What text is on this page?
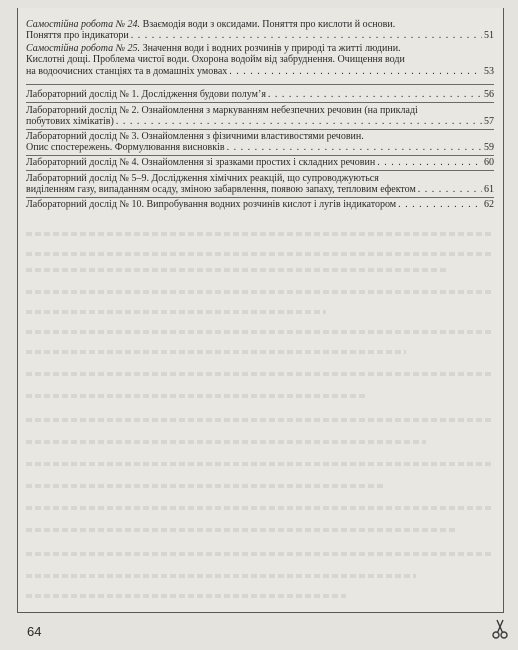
Самостійна робота № 24. Взаємодія води з оксидами. Поняття про кислоти й основи.
Поняття про індикатори . . .	51
Самостійна робота № 25. Значення води і водних розчинів у природі та житті людини.
Кислотні дощі. Проблема чистої води. Охорона водойм від забруднення. Очищення води
на водоочисних станціях та в домашніх умовах . . .	53
Лабораторний дослід № 1. Дослідження будови полум’я . . .	56
Лабораторний дослід № 2. Ознайомлення з маркуванням небезпечних речовин (на прикладі
побутових хімікатів) . . .	57
Лабораторний дослід № 3. Ознайомлення з фізичними властивостями речовин.
Опис спостережень. Формулювання висновків . . .	59
Лабораторний дослід № 4. Ознайомлення зі зразками простих і складних речовин . . .	60
Лабораторний дослід № 5–9. Дослідження хімічних реакцій, що супроводжуються
виділенням газу, випаданням осаду, зміною забарвлення, появою запаху, тепловим ефектом . . .	61
Лабораторний дослід № 10. Випробування водних розчинів кислот і лугів індикатором . . .	62
64
